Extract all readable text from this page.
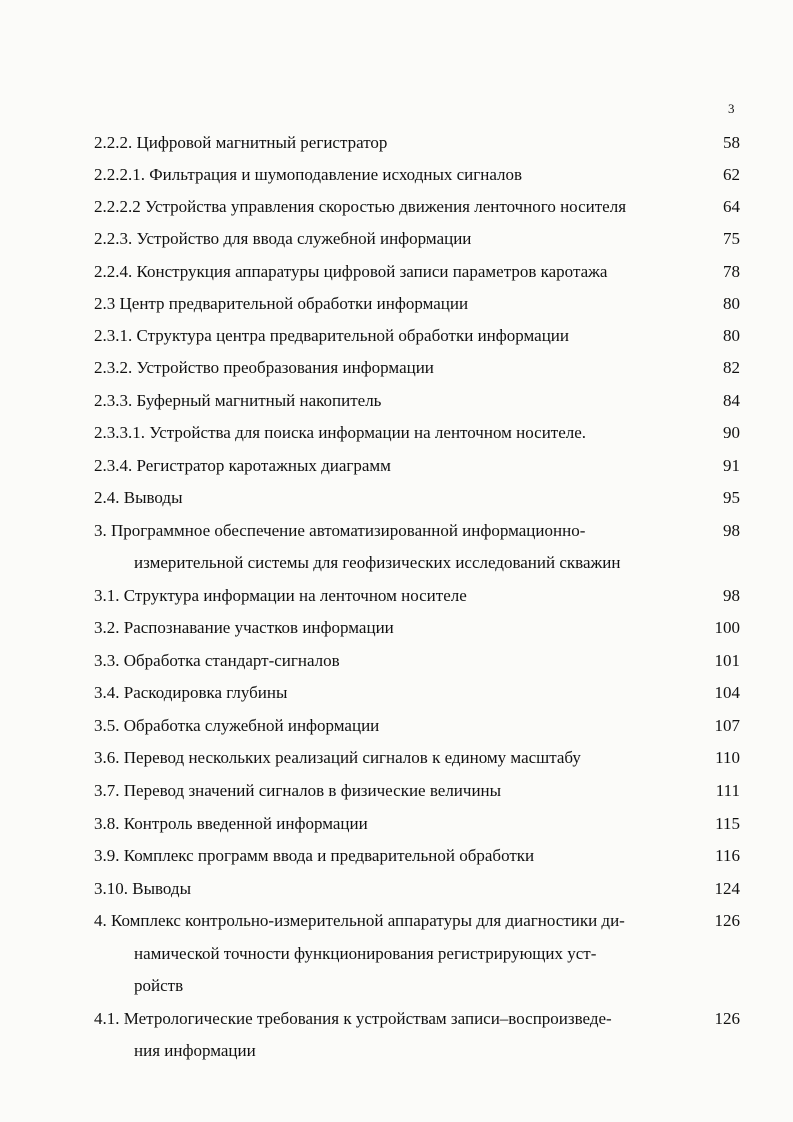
3
2.2.2. Цифровой магнитный регистратор	58
2.2.2.1. Фильтрация и шумоподавление исходных сигналов	62
2.2.2.2 Устройства управления скоростью движения ленточного носителя	64
2.2.3. Устройство для ввода служебной информации	75
2.2.4. Конструкция аппаратуры цифровой записи параметров каротажа	78
2.3 Центр предварительной обработки информации	80
2.3.1. Структура центра предварительной обработки информации	80
2.3.2. Устройство преобразования информации	82
2.3.3. Буферный магнитный накопитель	84
2.3.3.1. Устройства для поиска информации на ленточном носителе.	90
2.3.4. Регистратор каротажных диаграмм	91
2.4. Выводы	95
3. Программное обеспечение автоматизированной информационно-	98
измерительной системы для геофизических исследований скважин
3.1. Структура информации на ленточном носителе	98
3.2. Распознавание участков информации	100
3.3. Обработка стандарт-сигналов	101
3.4. Раскодировка глубины	104
3.5. Обработка служебной информации	107
3.6. Перевод нескольких реализаций сигналов к единому масштабу	110
3.7. Перевод значений сигналов в физические величины	111
3.8. Контроль введенной информации	115
3.9. Комплекс программ ввода и предварительной обработки	116
3.10. Выводы	124
4. Комплекс контрольно-измерительной аппаратуры для диагностики ди-	126
намической точности функционирования регистрирующих уст-
ройств
4.1. Метрологические требования к устройствам записи–воспроизведе-	126
ния информации
